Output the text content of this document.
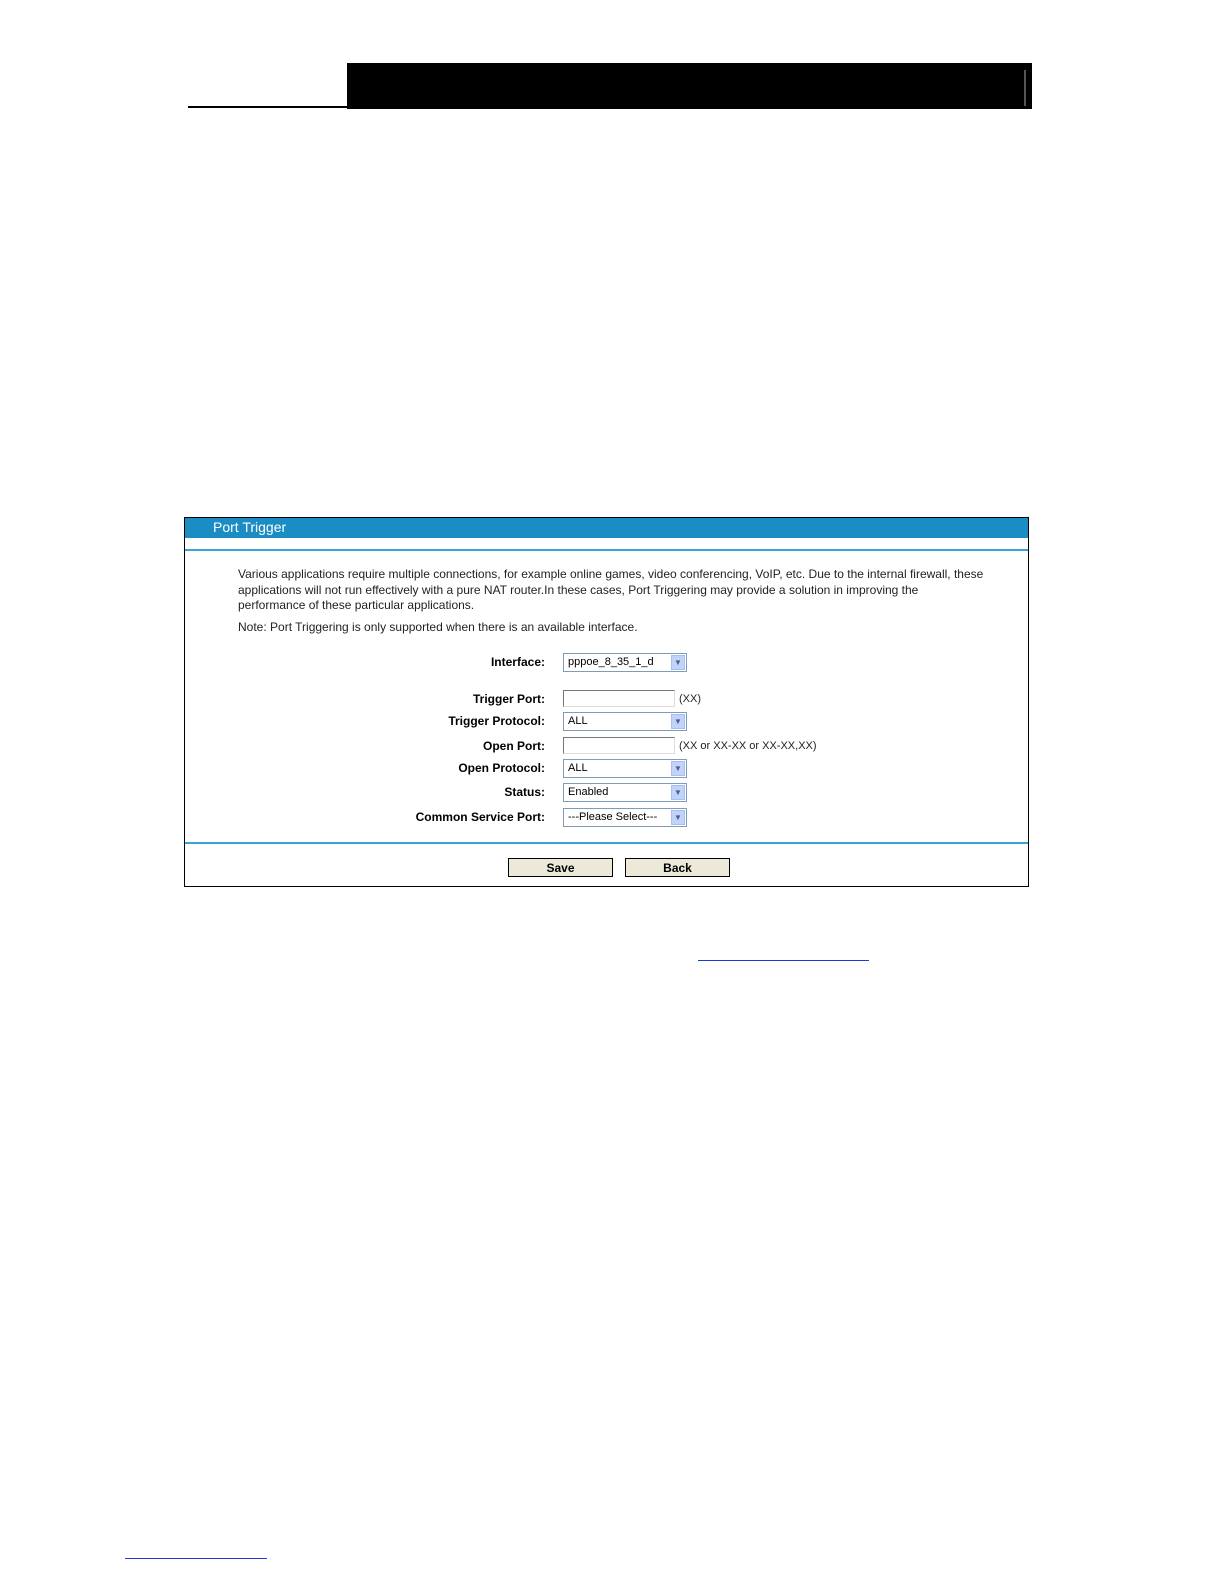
Port Trigger
Various applications require multiple connections, for example online games, video conferencing, VoIP, etc. Due to the internal firewall, these applications will not run effectively with a pure NAT router.In these cases, Port Triggering may provide a solution in improving the performance of these particular applications.
Note: Port Triggering is only supported when there is an available interface.
Interface:	pppoe_8_35_1_d	▼
Trigger Port:	(XX)
Trigger Protocol:	ALL	▼
Open Port:	(XX or XX-XX or XX-XX,XX)
Open Protocol:	ALL	▼
Status:	Enabled	▼
Common Service Port:	---Please Select---	▼
Save	Back
